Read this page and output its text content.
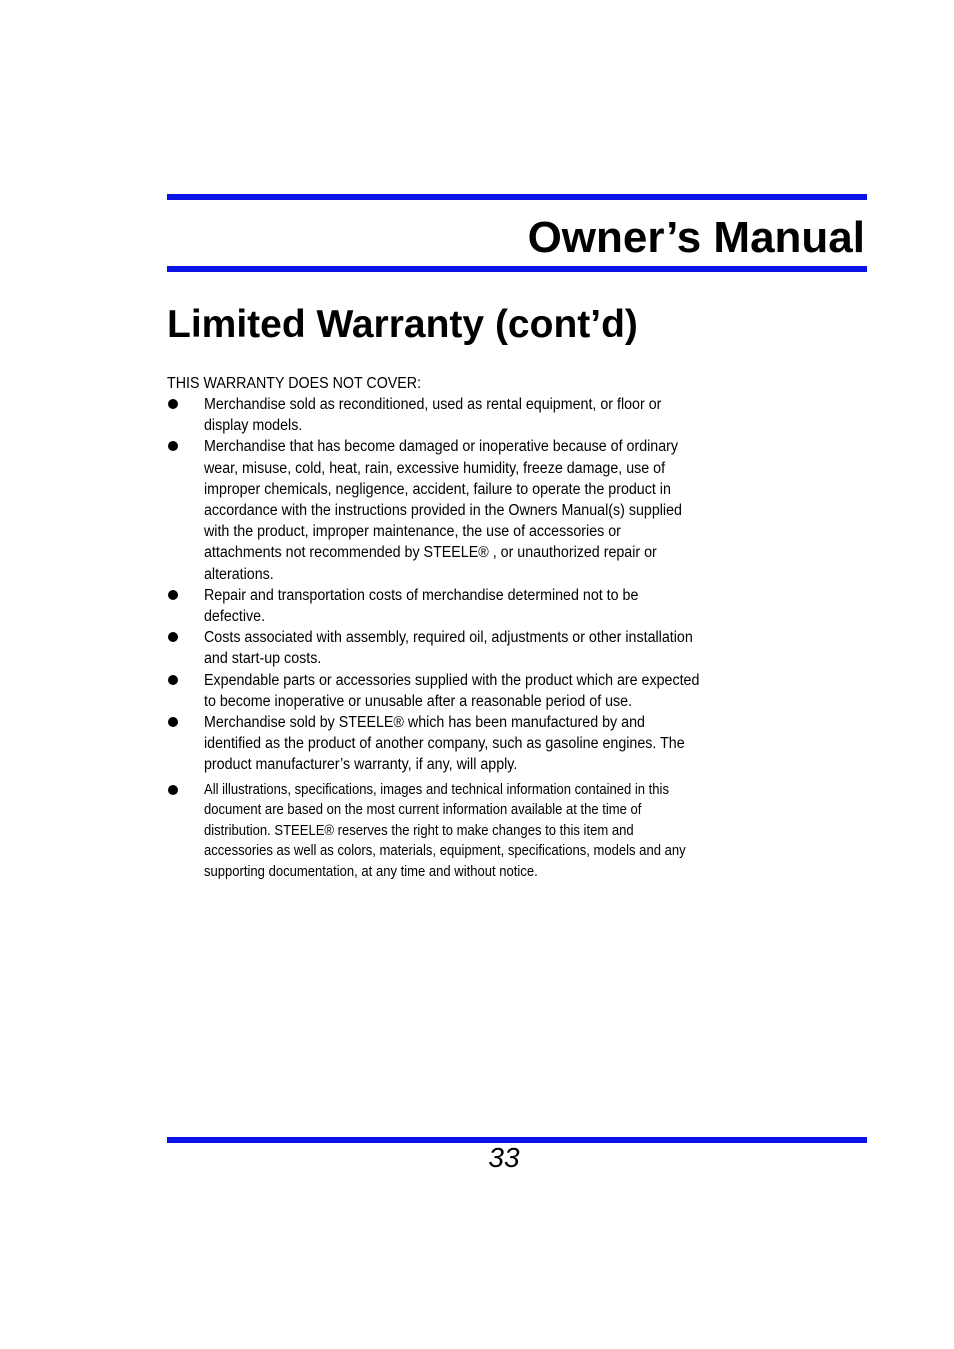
Owner’s Manual
Limited Warranty (cont’d)
THIS WARRANTY DOES NOT COVER:
Merchandise sold as reconditioned, used as rental equipment, or floor or display models.
Merchandise that has become damaged or inoperative because of ordinary wear, misuse, cold, heat, rain, excessive humidity, freeze damage, use of improper chemicals, negligence, accident, failure to operate the product in accordance with the instructions provided in the Owners Manual(s) supplied with the product, improper maintenance, the use of accessories or attachments not recommended by STEELE® , or unauthorized repair or alterations.
Repair and transportation costs of merchandise determined not to be defective.
Costs associated with assembly, required oil, adjustments or other installation and start-up costs.
Expendable parts or accessories supplied with the product which are expected to become inoperative or unusable after a reasonable period of use.
Merchandise sold by STEELE® which has been manufactured by and identified as the product of another company, such as gasoline engines. The product manufacturer’s warranty, if any, will apply.
All illustrations, specifications, images and technical information contained in this document are based on the most current information available at the time of distribution. STEELE® reserves the right to make changes to this item and accessories as well as colors, materials, equipment, specifications, models and any supporting documentation, at any time and without notice.
33
